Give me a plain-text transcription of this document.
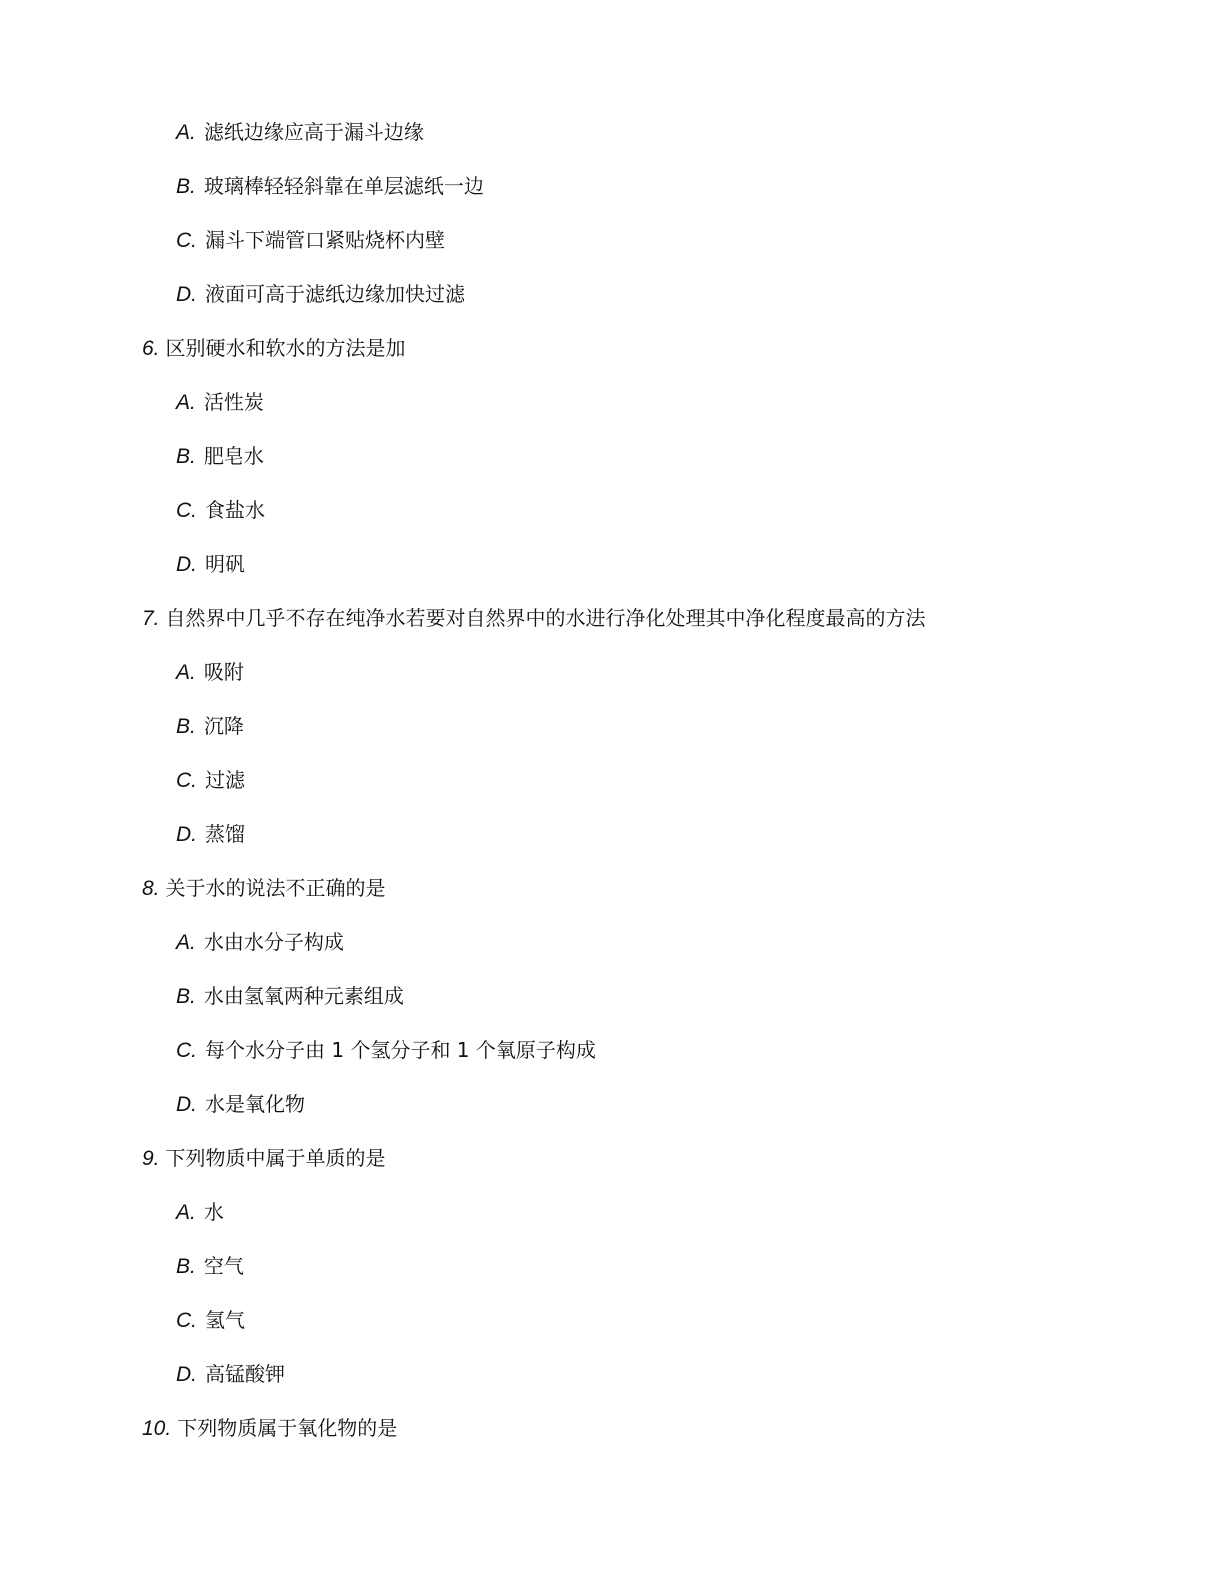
A. 滤纸边缘应高于漏斗边缘
B. 玻璃棒轻轻斜靠在单层滤纸一边
C. 漏斗下端管口紧贴烧杯内壁
D. 液面可高于滤纸边缘加快过滤
6. 区别硬水和软水的方法是加
A. 活性炭
B. 肥皂水
C. 食盐水
D. 明矾
7. 自然界中几乎不存在纯净水若要对自然界中的水进行净化处理其中净化程度最高的方法
A. 吸附
B. 沉降
C. 过滤
D. 蒸馏
8. 关于水的说法不正确的是
A. 水由水分子构成
B. 水由氢氧两种元素组成
C. 每个水分子由 1 个氢分子和 1 个氧原子构成
D. 水是氧化物
9. 下列物质中属于单质的是
A. 水
B. 空气
C. 氢气
D. 高锰酸钾
10. 下列物质属于氧化物的是
